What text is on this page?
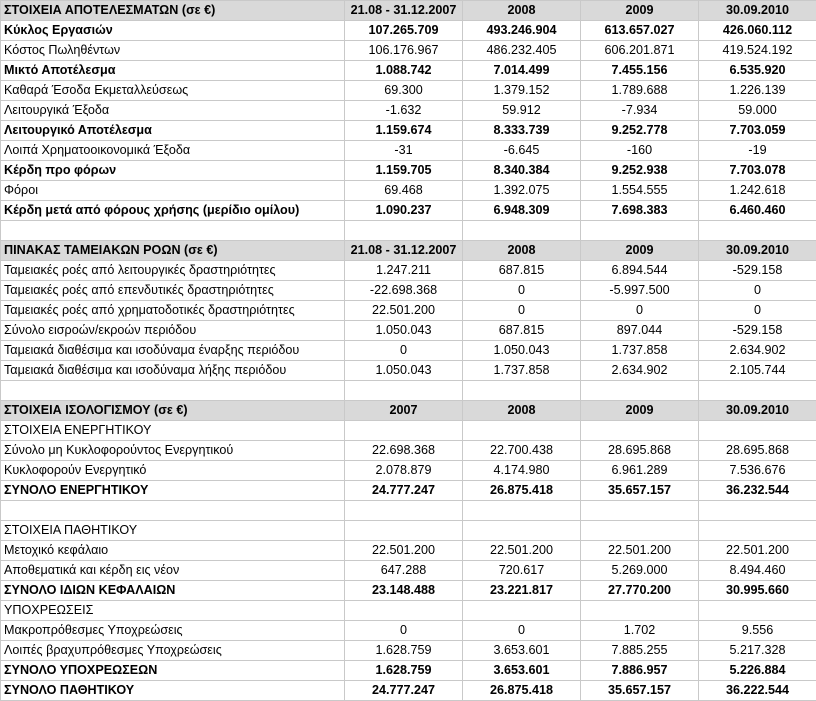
ΣΤΟΙΧΕΙΑ ΑΠΟΤΕΛΕΣΜΑΤΩΝ (σε €)	21.08 - 31.12.2007	2008	2009	30.09.2010
Κύκλος Εργασιών	107.265.709	493.246.904	613.657.027	426.060.112
Κόστος Πωληθέντων	106.176.967	486.232.405	606.201.871	419.524.192
Μικτό Αποτέλεσμα	1.088.742	7.014.499	7.455.156	6.535.920
Καθαρά Έσοδα Εκμεταλλεύσεως	69.300	1.379.152	1.789.688	1.226.139
Λειτουργικά Έξοδα	-1.632	59.912	-7.934	59.000
Λειτουργικό Αποτέλεσμα	1.159.674	8.333.739	9.252.778	7.703.059
Λοιπά Χρηματοοικονομικά Έξοδα	-31	-6.645	-160	-19
Κέρδη προ φόρων	1.159.705	8.340.384	9.252.938	7.703.078
Φόροι	69.468	1.392.075	1.554.555	1.242.618
Κέρδη μετά από φόρους χρήσης (μερίδιο ομίλου)	1.090.237	6.948.309	7.698.383	6.460.460

ΠΙΝΑΚΑΣ ΤΑΜΕΙΑΚΩΝ ΡΟΩΝ (σε €)	21.08 - 31.12.2007	2008	2009	30.09.2010
Ταμειακές ροές από λειτουργικές δραστηριότητες	1.247.211	687.815	6.894.544	-529.158
Ταμειακές ροές από επενδυτικές δραστηριότητες	-22.698.368	0	-5.997.500	0
Ταμειακές ροές από χρηματοδοτικές δραστηριότητες	22.501.200	0	0	0
Σύνολο εισροών/εκροών περιόδου	1.050.043	687.815	897.044	-529.158
Ταμειακά διαθέσιμα και ισοδύναμα έναρξης περιόδου	0	1.050.043	1.737.858	2.634.902
Ταμειακά διαθέσιμα και ισοδύναμα λήξης περιόδου	1.050.043	1.737.858	2.634.902	2.105.744

ΣΤΟΙΧΕΙΑ ΙΣΟΛΟΓΙΣΜΟΥ (σε €)	2007	2008	2009	30.09.2010
ΣΤΟΙΧΕΙΑ ΕΝΕΡΓΗΤΙΚΟΥ				
Σύνολο μη Κυκλοφορούντος Ενεργητικού	22.698.368	22.700.438	28.695.868	28.695.868
Κυκλοφορούν Ενεργητικό	2.078.879	4.174.980	6.961.289	7.536.676
ΣΥΝΟΛΟ ΕΝΕΡΓΗΤΙΚΟΥ	24.777.247	26.875.418	35.657.157	36.232.544

ΣΤΟΙΧΕΙΑ ΠΑΘΗΤΙΚΟΥ				
Μετοχικό κεφάλαιο	22.501.200	22.501.200	22.501.200	22.501.200
Αποθεματικά και κέρδη εις νέον	647.288	720.617	5.269.000	8.494.460
ΣΥΝΟΛΟ ΙΔΙΩΝ ΚΕΦΑΛΑΙΩΝ	23.148.488	23.221.817	27.770.200	30.995.660
ΥΠΟΧΡΕΩΣΕΙΣ				
Μακροπρόθεσμες Υποχρεώσεις	0	0	1.702	9.556
Λοιπές βραχυπρόθεσμες Υποχρεώσεις	1.628.759	3.653.601	7.885.255	5.217.328
ΣΥΝΟΛΟ ΥΠΟΧΡΕΩΣΕΩΝ	1.628.759	3.653.601	7.886.957	5.226.884
ΣΥΝΟΛΟ ΠΑΘΗΤΙΚΟΥ	24.777.247	26.875.418	35.657.157	36.222.544
